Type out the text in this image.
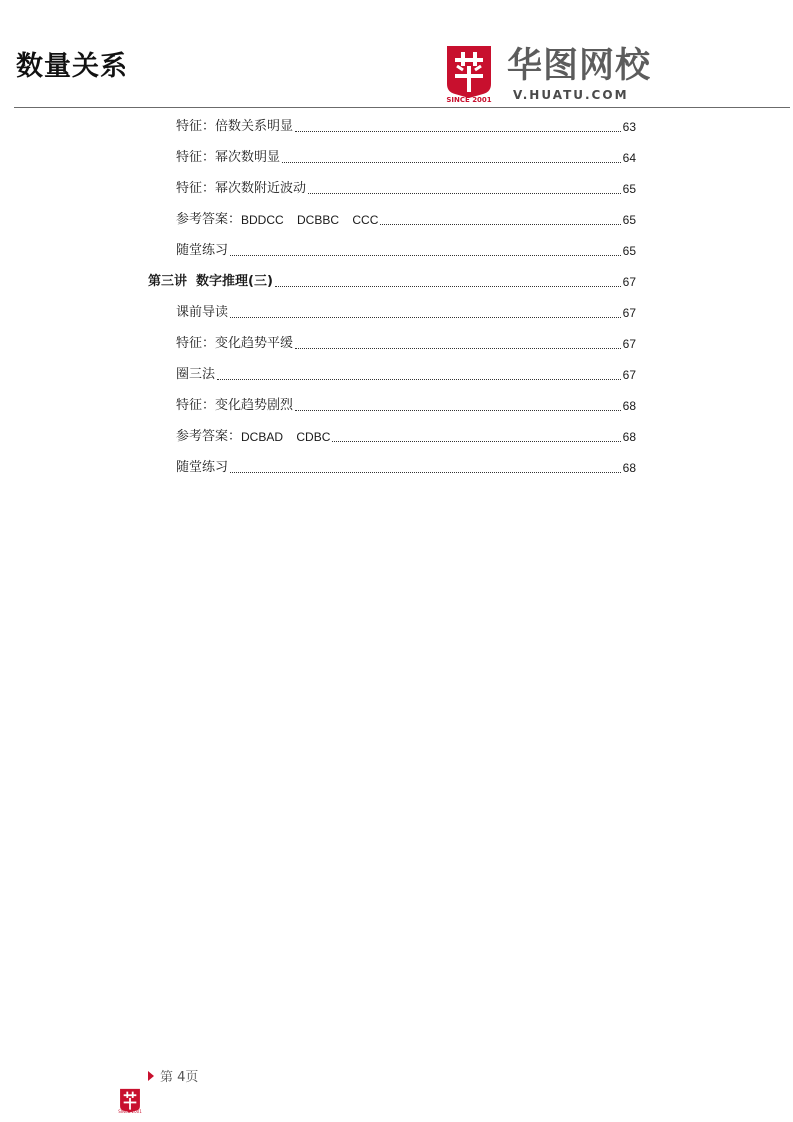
数量关系
SINCE 2001
华图网校
V.HUATU.COM
特征：倍数关系明显	63
特征：幂次数明显	64
特征：幂次数附近波动	65
参考答案： BDDCC    DCBBC    CCC	65
随堂练习	65
第三讲  数字推理(三)	67
课前导读	67
特征：变化趋势平缓	67
圈三法	67
特征：变化趋势剧烈	68
参考答案： DCBAD    CDBC	68
随堂练习	68
第 4页
SINCE 2001
